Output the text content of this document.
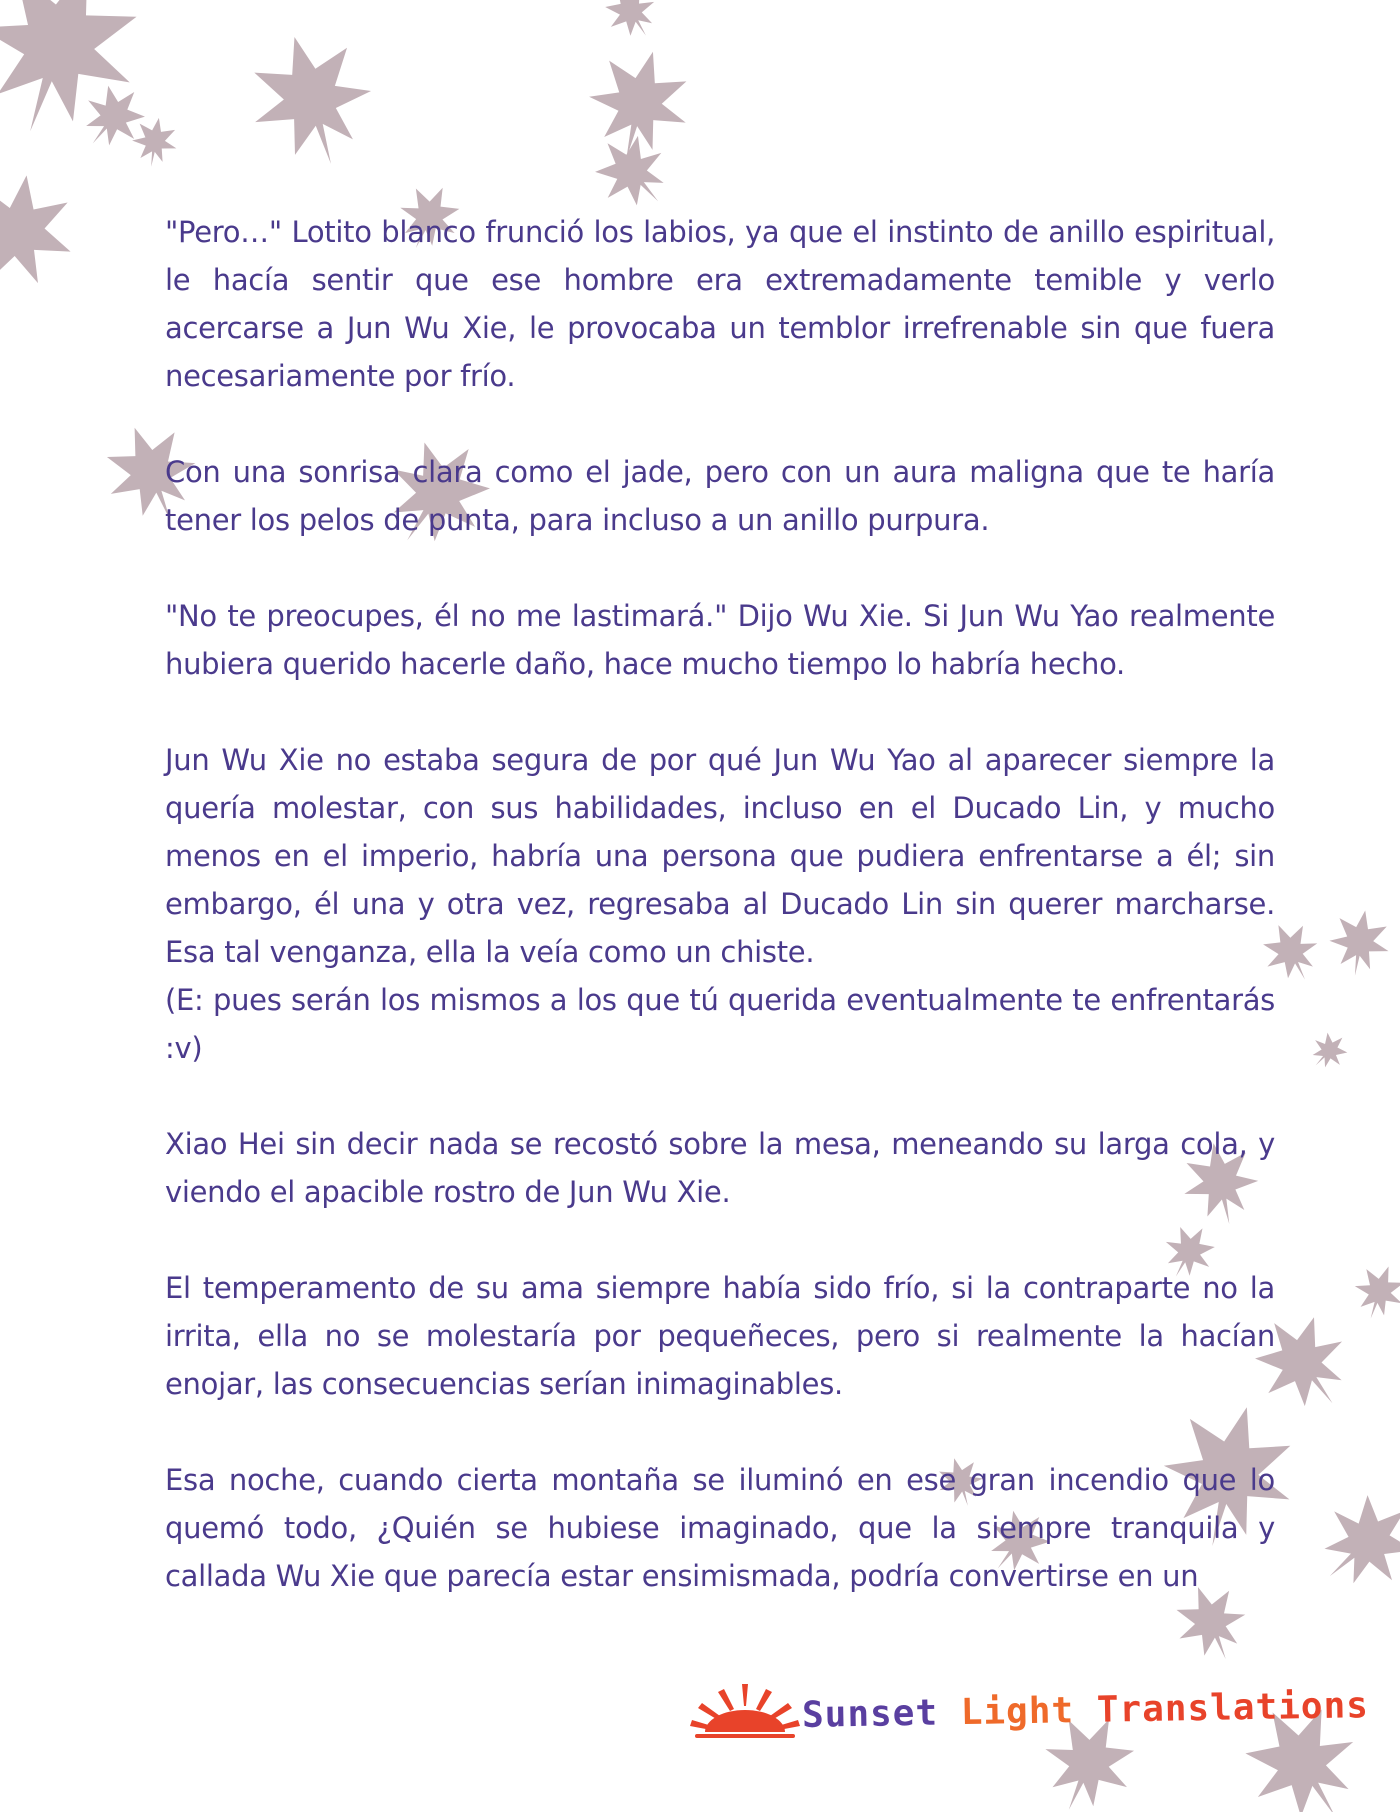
"Pero…" Lotito blanco frunció los labios, ya que el instinto de anillo espiritual, le hacía sentir que ese hombre era extremadamente temible y verlo acercarse a Jun Wu Xie, le provocaba un temblor irrefrenable sin que fuera necesariamente por frío.

Con una sonrisa clara como el jade, pero con un aura maligna que te haría tener los pelos de punta, para incluso a un anillo purpura.

"No te preocupes, él no me lastimará." Dijo Wu Xie. Si Jun Wu Yao realmente hubiera querido hacerle daño, hace mucho tiempo lo habría hecho.

Jun Wu Xie no estaba segura de por qué Jun Wu Yao al aparecer siempre la quería molestar, con sus habilidades, incluso en el Ducado Lin, y mucho menos en el imperio, habría una persona que pudiera enfrentarse a él; sin embargo, él una y otra vez, regresaba al Ducado Lin sin querer marcharse. Esa tal venganza, ella la veía como un chiste.

(E: pues serán los mismos a los que tú querida eventualmente te enfrentarás :v)

Xiao Hei sin decir nada se recostó sobre la mesa, meneando su larga cola, y viendo el apacible rostro de Jun Wu Xie.

El temperamento de su ama siempre había sido frío, si la contraparte no la irrita, ella no se molestaría por pequeñeces, pero si realmente la hacían enojar, las consecuencias serían inimaginables.

Esa noche, cuando cierta montaña se iluminó en ese gran incendio que lo quemó todo, ¿Quién se hubiese imaginado, que la siempre tranquila y callada Wu Xie que parecía estar ensimismada, podría convertirse en un

Sunset Light Translations
